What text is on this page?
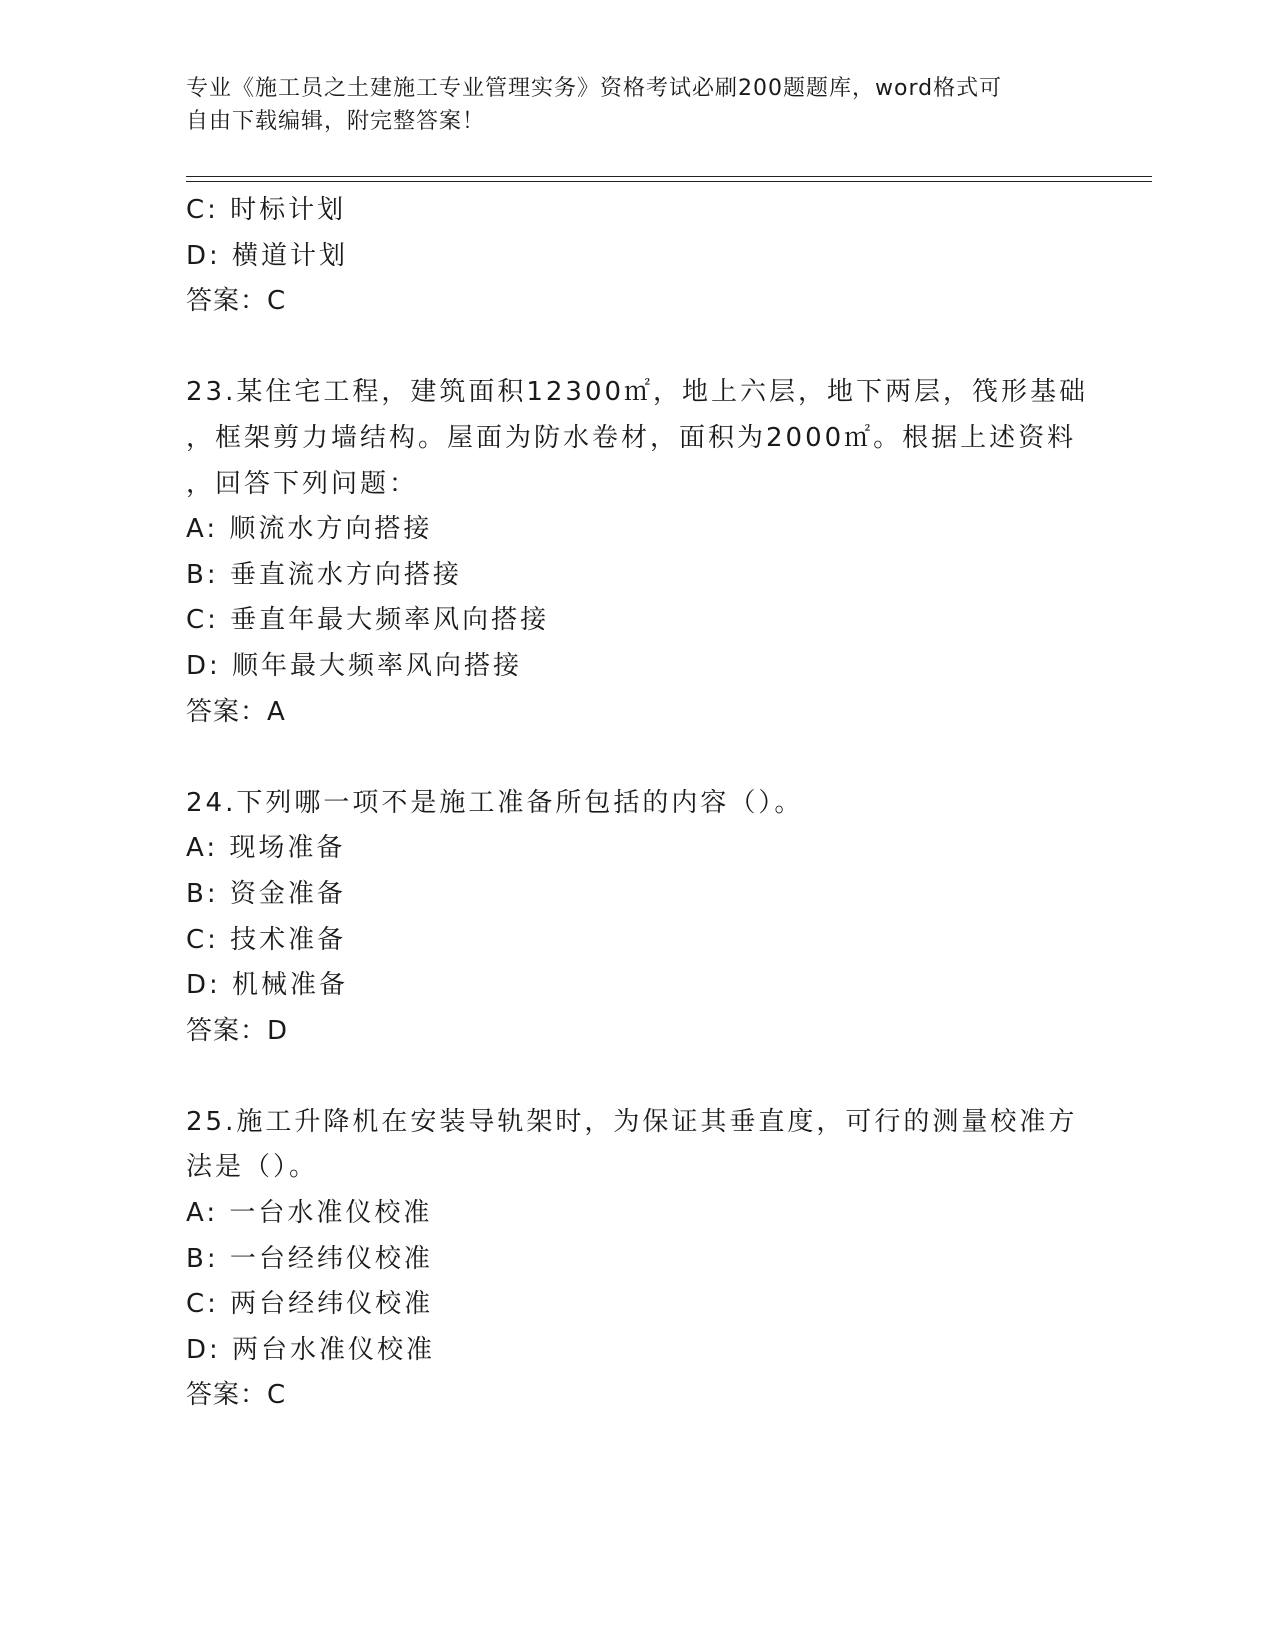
专业《施工员之土建施工专业管理实务》资格考试必刷200题题库，word格式可
自由下载编辑，附完整答案！
C: 时标计划
D: 横道计划
答案：C
23.某住宅工程，建筑面积12300㎡，地上六层，地下两层，筏形基础
，框架剪力墙结构。屋面为防水卷材，面积为2000㎡。根据上述资料
，回答下列问题：
A: 顺流水方向搭接
B: 垂直流水方向搭接
C: 垂直年最大频率风向搭接
D: 顺年最大频率风向搭接
答案：A
24.下列哪一项不是施工准备所包括的内容（）。
A: 现场准备
B: 资金准备
C: 技术准备
D: 机械准备
答案：D
25.施工升降机在安装导轨架时，为保证其垂直度，可行的测量校准方
法是（）。
A: 一台水准仪校准
B: 一台经纬仪校准
C: 两台经纬仪校准
D: 两台水准仪校准
答案：C
